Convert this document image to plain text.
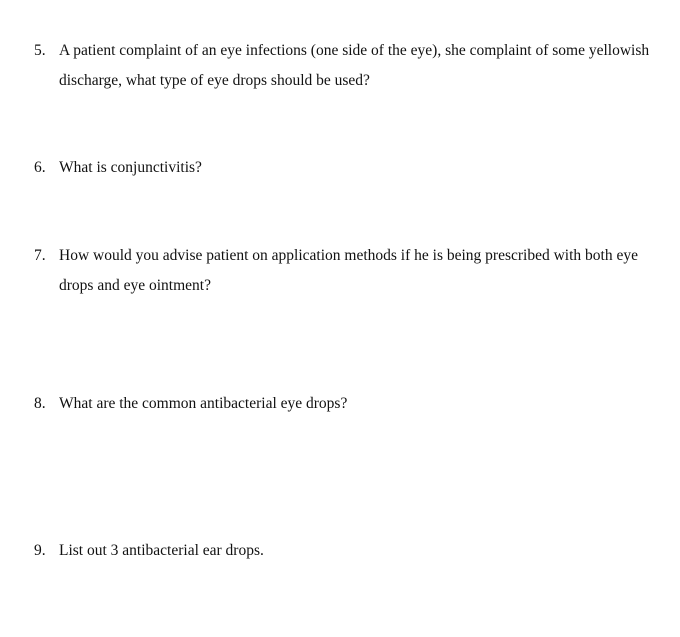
5. A patient complaint of an eye infections (one side of the eye), she complaint of some yellowish discharge, what type of eye drops should be used?
6. What is conjunctivitis?
7. How would you advise patient on application methods if he is being prescribed with both eye drops and eye ointment?
8. What are the common antibacterial eye drops?
9. List out 3 antibacterial ear drops.
